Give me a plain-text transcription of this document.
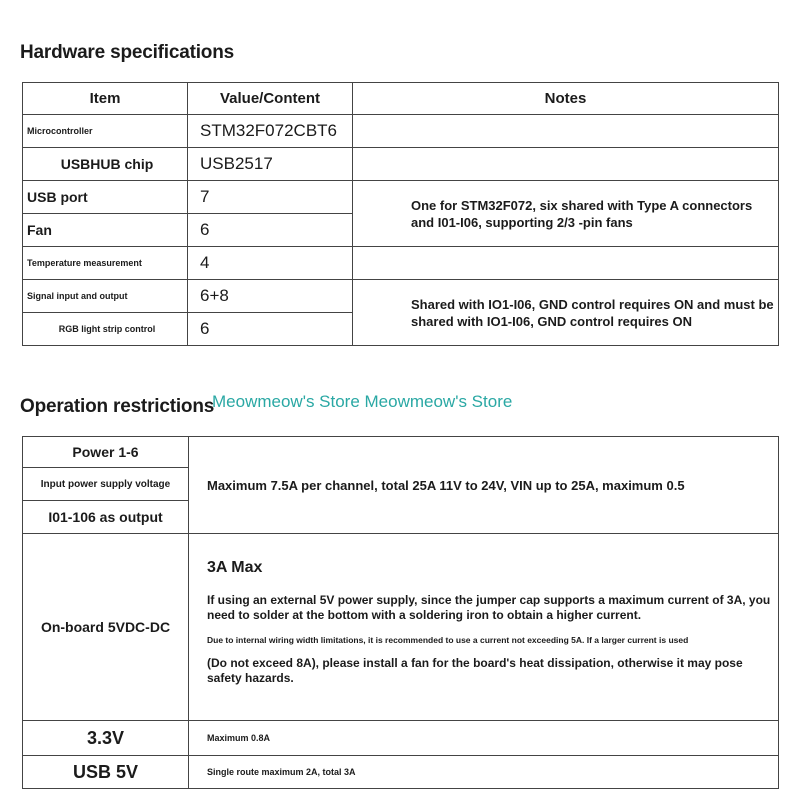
Hardware specifications
Item	Value/Content	Notes
Microcontroller	STM32F072CBT6	
USBHUB chip	USB2517	
USB port	7	One for STM32F072, six shared with Type A connectors and I01-I06, supporting 2/3 -pin fans
Fan	6	
Temperature measurement	4	
Signal input and output	6+8	Shared with IO1-I06, GND control requires ON and must be shared with IO1-I06, GND control requires ON
RGB light strip control	6	
Operation restrictions
Meowmeow's Store Meowmeow's Store
Power 1-6	Maximum 7.5A per channel, total 25A 11V to 24V, VIN up to 25A, maximum 0.5
Input power supply voltage	
I01-106 as output	
On-board 5VDC-DC	3A Max
If using an external 5V power supply, since the jumper cap supports a maximum current of 3A, you need to solder at the bottom with a soldering iron to obtain a higher current.
Due to internal wiring width limitations, it is recommended to use a current not exceeding 5A. If a larger current is used
(Do not exceed 8A), please install a fan for the board's heat dissipation, otherwise it may pose safety hazards.

3.3V	Maximum 0.8A
USB 5V	Single route maximum 2A, total 3A
